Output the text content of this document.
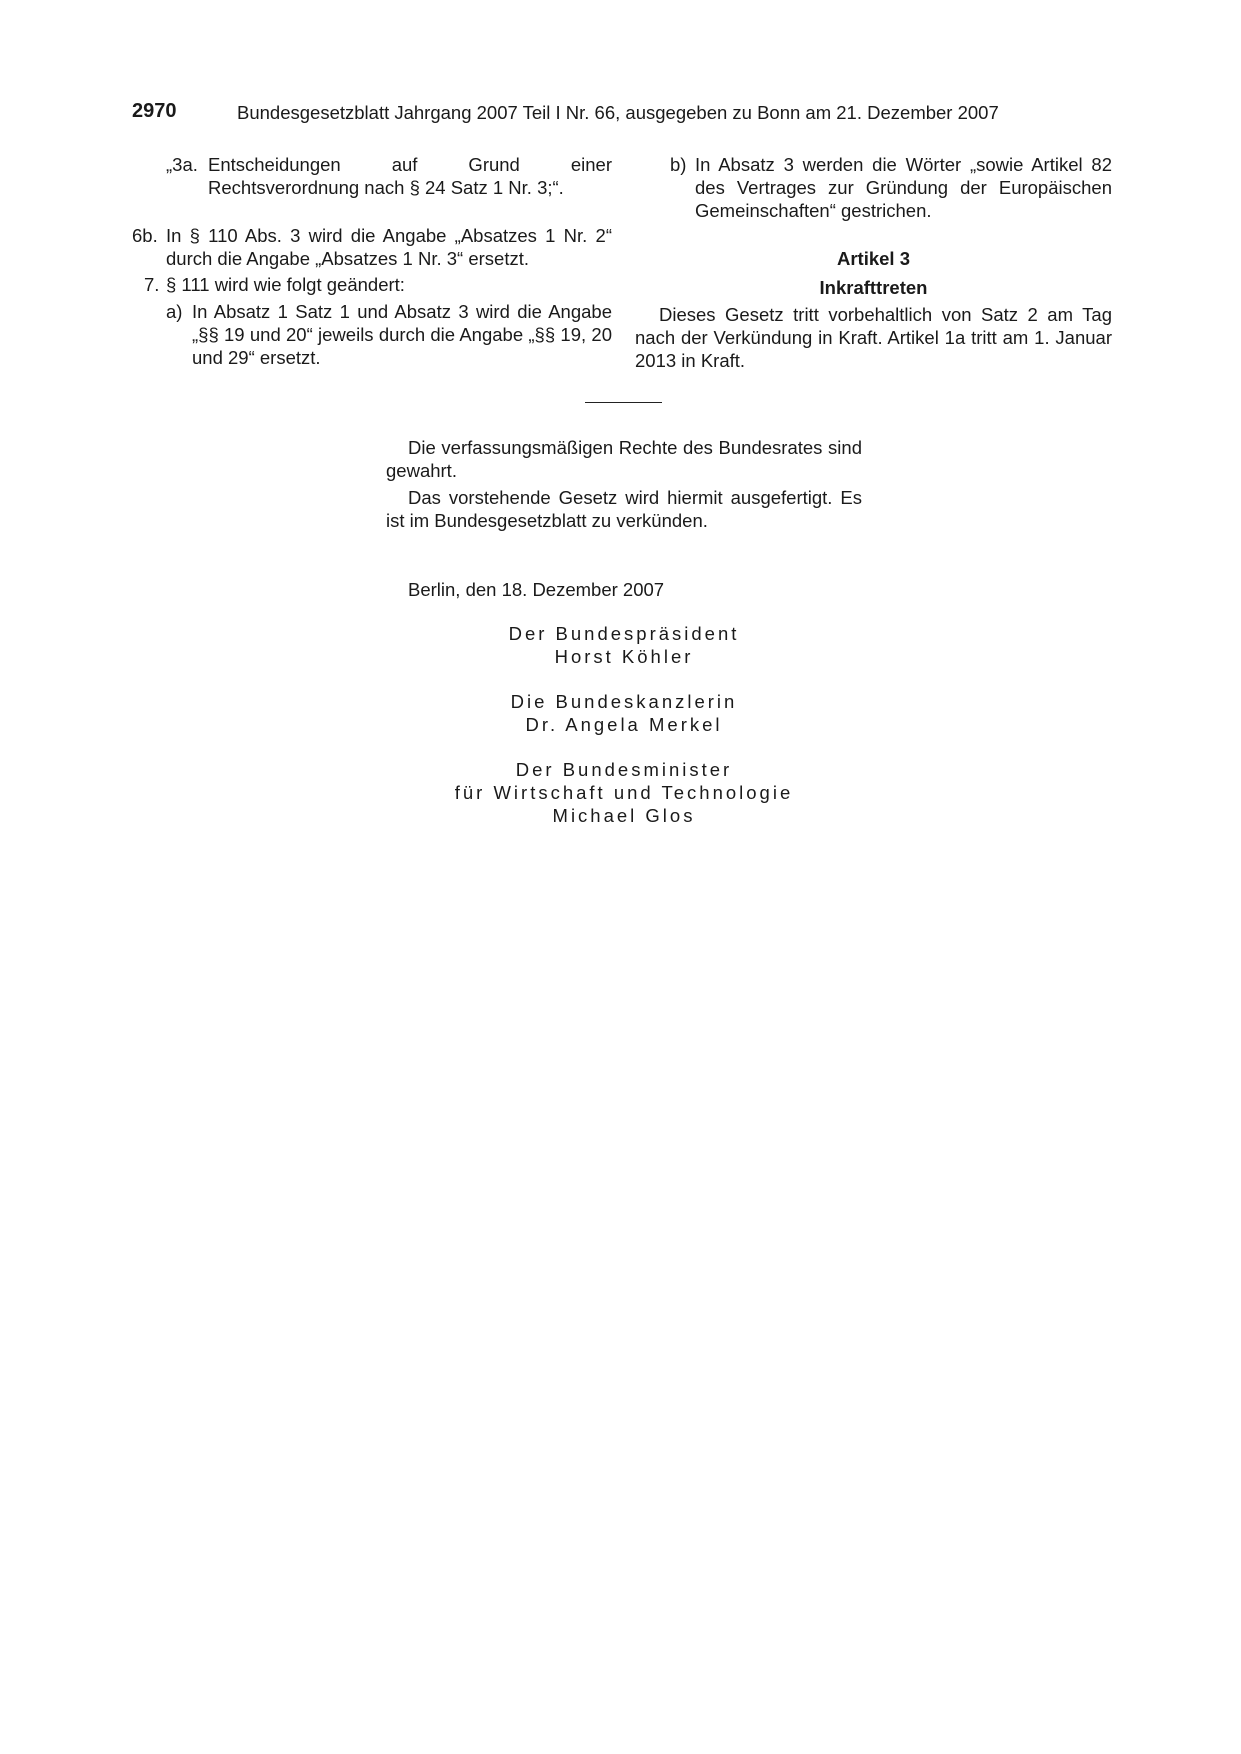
2970	Bundesgesetzblatt Jahrgang 2007 Teil I Nr. 66, ausgegeben zu Bonn am 21. Dezember 2007
„3a. Entscheidungen auf Grund einer Rechtsverordnung nach § 24 Satz 1 Nr. 3;“.
6b. In § 110 Abs. 3 wird die Angabe „Absatzes 1 Nr. 2“ durch die Angabe „Absatzes 1 Nr. 3“ ersetzt.
7. § 111 wird wie folgt geändert:
a) In Absatz 1 Satz 1 und Absatz 3 wird die Angabe „§§ 19 und 20“ jeweils durch die Angabe „§§ 19, 20 und 29“ ersetzt.
b) In Absatz 3 werden die Wörter „sowie Artikel 82 des Vertrages zur Gründung der Europäischen Gemeinschaften“ gestrichen.
Artikel 3
Inkrafttreten
Dieses Gesetz tritt vorbehaltlich von Satz 2 am Tag nach der Verkündung in Kraft. Artikel 1a tritt am 1. Januar 2013 in Kraft.

Die verfassungsmäßigen Rechte des Bundesrates sind gewahrt.

Das vorstehende Gesetz wird hiermit ausgefertigt. Es ist im Bundesgesetzblatt zu verkünden.

Berlin, den 18. Dezember 2007
Der Bundespräsident
Horst Köhler
Die Bundeskanzlerin
Dr. Angela Merkel
Der Bundesminister
für Wirtschaft und Technologie
Michael Glos
